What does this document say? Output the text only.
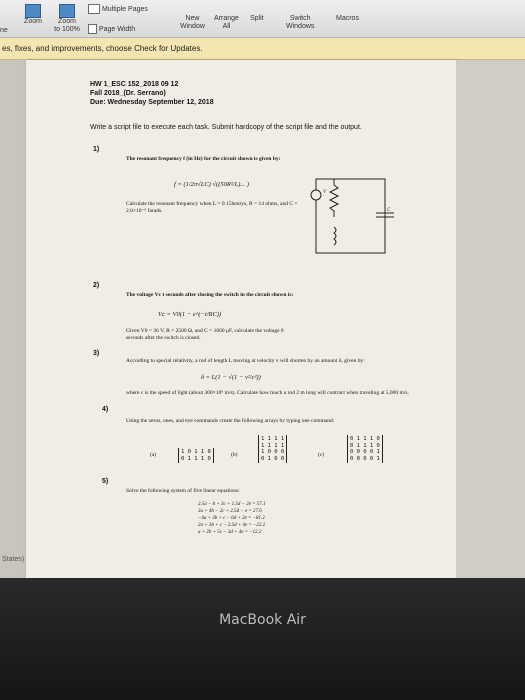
ne
Zoom	Zoom
to 100%
Multiple Pages
Page Width
New
Window
Arrange
All
Split	Switch
Windows
Macros
es, fixes, and improvements, choose Check for Updates.
States)
HW 1_ESC 152_2018 09 12
Fall 2018_(Dr. Serrano)
Due: Wednesday September 12, 2018
Write a script file to execute each task. Submit hardcopy of the script file and the output.
1)
The resonant frequency f (in Hz) for the circuit shown is given by:
f = (1/2π√LC) √((50R²/L)... )
Calculate the resonant frequency when L = 0.15henrys, R = 14 ohms, and C = 2.6×10⁻⁶ farads.
V
C
2)
The voltage Vc t seconds after closing the switch in the circuit shown is:
Vc = V0(1 − e^(−t/RC))
Given V0 = 36 V, R = 2500 Ω, and C = 1600 μF, calculate the voltage 8 seconds after the switch is closed.
3)
According to special relativity, a rod of length L moving at velocity v will shorten by an amount δ, given by:
δ = L(1 − √(1 − v²/c²))
where c is the speed of light (about 300×10⁶ m/s). Calculate how much a rod 2 m long will contract when traveling at 5,000 m/s.
4)
Using the zeros, ones, and eye commands create the following arrays by typing one command:
(a)	1 0 1 1 0
0 1 1 1 0
(b)
1 1 1 1
1 1 1 1
1 0 0 0
0 1 0 0
(c)
0 1 1 1 0
0 1 1 1 0
0 0 0 0 1
0 0 0 0 1
5)
Solve the following system of five linear equations:
2.5a − b + 3c + 1.5d − 2e = 57.1
3a + 4b − 2c + 2.5d − e = 27.6
−4a + 3b + c − 6d + 2e = −81.2
2a + 3b + c − 2.5d + 4e = −22.2
a + 2b + 5c − 3d + 4e = −12.2
MacBook Air
